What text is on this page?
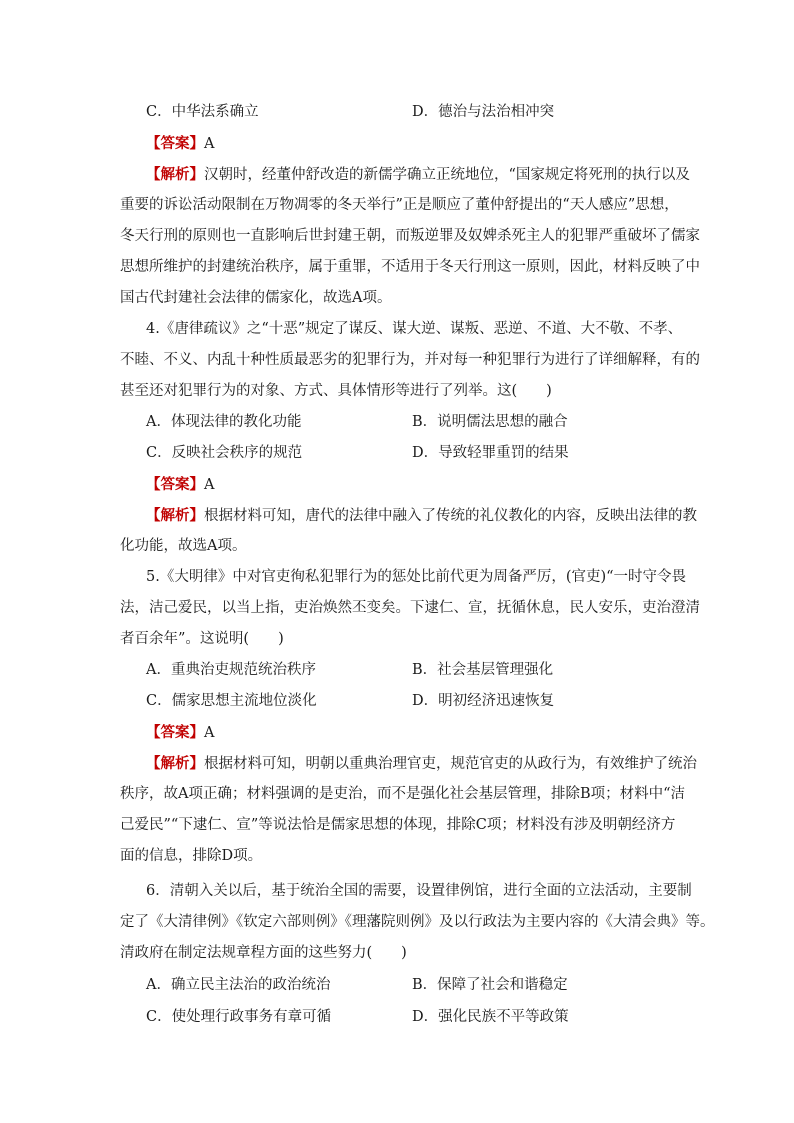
C．中华法系确立	D．德治与法治相冲突
【答案】A
【解析】汉朝时，经董仲舒改造的新儒学确立正统地位，“国家规定将死刑的执行以及
重要的诉讼活动限制在万物凋零的冬天举行”正是顺应了董仲舒提出的“天人感应”思想，
冬天行刑的原则也一直影响后世封建王朝，而叛逆罪及奴婢杀死主人的犯罪严重破坏了儒家
思想所维护的封建统治秩序，属于重罪，不适用于冬天行刑这一原则，因此，材料反映了中
国古代封建社会法律的儒家化，故选A项。
4.《唐律疏议》之“十恶”规定了谋反、谋大逆、谋叛、恶逆、不道、大不敬、不孝、
不睦、不义、内乱十种性质最恶劣的犯罪行为，并对每一种犯罪行为进行了详细解释，有的
甚至还对犯罪行为的对象、方式、具体情形等进行了列举。这(　　)
A．体现法律的教化功能	B．说明儒法思想的融合
C．反映社会秩序的规范	D．导致轻罪重罚的结果
【答案】A
【解析】根据材料可知，唐代的法律中融入了传统的礼仪教化的内容，反映出法律的教
化功能，故选A项。
5.《大明律》中对官吏徇私犯罪行为的惩处比前代更为周备严厉，(官吏)“一时守令畏
法，洁己爱民，以当上指，吏治焕然丕变矣。下逮仁、宣，抚循休息，民人安乐，吏治澄清
者百余年”。这说明(　　)
A．重典治吏规范统治秩序	B．社会基层管理强化
C．儒家思想主流地位淡化	D．明初经济迅速恢复
【答案】A
【解析】根据材料可知，明朝以重典治理官吏，规范官吏的从政行为，有效维护了统治
秩序，故A项正确；材料强调的是吏治，而不是强化社会基层管理，排除B项；材料中“洁
己爱民”“下逮仁、宣”等说法恰是儒家思想的体现，排除C项；材料没有涉及明朝经济方
面的信息，排除D项。
6．清朝入关以后，基于统治全国的需要，设置律例馆，进行全面的立法活动，主要制
定了《大清律例》《钦定六部则例》《理藩院则例》及以行政法为主要内容的《大清会典》等。
清政府在制定法规章程方面的这些努力(　　)
A．确立民主法治的政治统治	B．保障了社会和谐稳定
C．使处理行政事务有章可循	D．强化民族不平等政策
